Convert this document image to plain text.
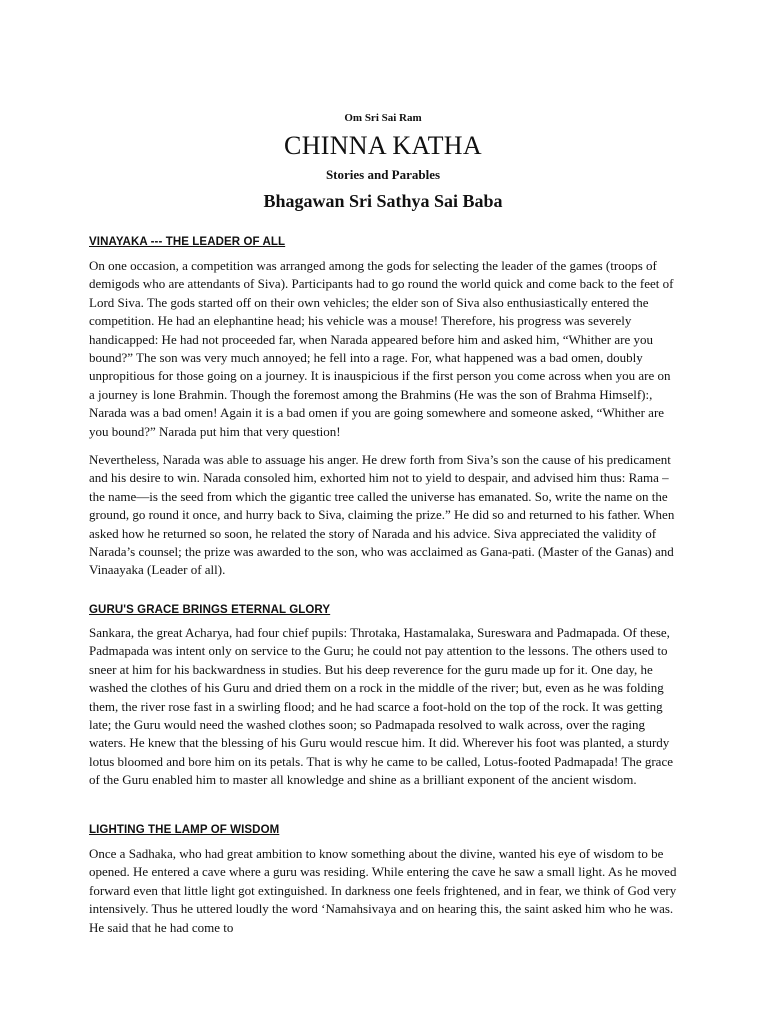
Om Sri Sai Ram
CHINNA KATHA
Stories and Parables
Bhagawan Sri Sathya Sai Baba
VINAYAKA --- THE LEADER OF ALL
On one occasion, a competition was arranged among the gods for selecting the leader of the games (troops of demigods who are attendants of Siva). Participants had to go round the world quick and come back to the feet of Lord Siva. The gods started off on their own vehicles; the elder son of Siva also enthusiastically entered the competition. He had an elephantine head; his vehicle was a mouse! Therefore, his progress was severely handicapped: He had not proceeded far, when Narada appeared before him and asked him, “Whither are you bound?” The son was very much annoyed; he fell into a rage. For, what happened was a bad omen, doubly unpropitious for those going on a journey. It is inauspicious if the first person you come across when you are on a journey is lone Brahmin. Though the foremost among the Brahmins (He was the son of Brahma Himself):, Narada was a bad omen! Again it is a bad omen if you are going somewhere and someone asked, “Whither are you bound?” Narada put him that very question!
Nevertheless, Narada was able to assuage his anger. He drew forth from Siva’s son the cause of his predicament and his desire to win. Narada consoled him, exhorted him not to yield to despair, and advised him thus: Rama –the name—is the seed from which the gigantic tree called the universe has emanated. So, write the name on the ground, go round it once, and hurry back to Siva, claiming the prize.” He did so and returned to his father. When asked how he returned so soon, he related the story of Narada and his advice. Siva appreciated the validity of Narada’s counsel; the prize was awarded to the son, who was acclaimed as Gana-pati. (Master of the Ganas) and Vinaayaka (Leader of all).
GURU'S GRACE BRINGS ETERNAL GLORY
Sankara, the great Acharya, had four chief pupils: Throtaka, Hastamalaka, Sureswara and Padmapada. Of these, Padmapada was intent only on service to the Guru; he could not pay attention to the lessons. The others used to sneer at him for his backwardness in studies. But his deep reverence for the guru made up for it. One day, he washed the clothes of his Guru and dried them on a rock in the middle of the river; but, even as he was folding them, the river rose fast in a swirling flood; and he had scarce a foot-hold on the top of the rock. It was getting late; the Guru would need the washed clothes soon; so Padmapada resolved to walk across, over the raging waters. He knew that the blessing of his Guru would rescue him. It did. Wherever his foot was planted, a sturdy lotus bloomed and bore him on its petals. That is why he came to be called, Lotus-footed Padmapada! The grace of the Guru enabled him to master all knowledge and shine as a brilliant exponent of the ancient wisdom.
LIGHTING THE LAMP OF WISDOM
Once a Sadhaka, who had great ambition to know something about the divine, wanted his eye of wisdom to be opened. He entered a cave where a guru was residing. While entering the cave he saw a small light. As he moved forward even that little light got extinguished. In darkness one feels frightened, and in fear, we think of God very intensively. Thus he uttered loudly the word ‘Namahsivaya and on hearing this, the saint asked him who he was. He said that he had come to
